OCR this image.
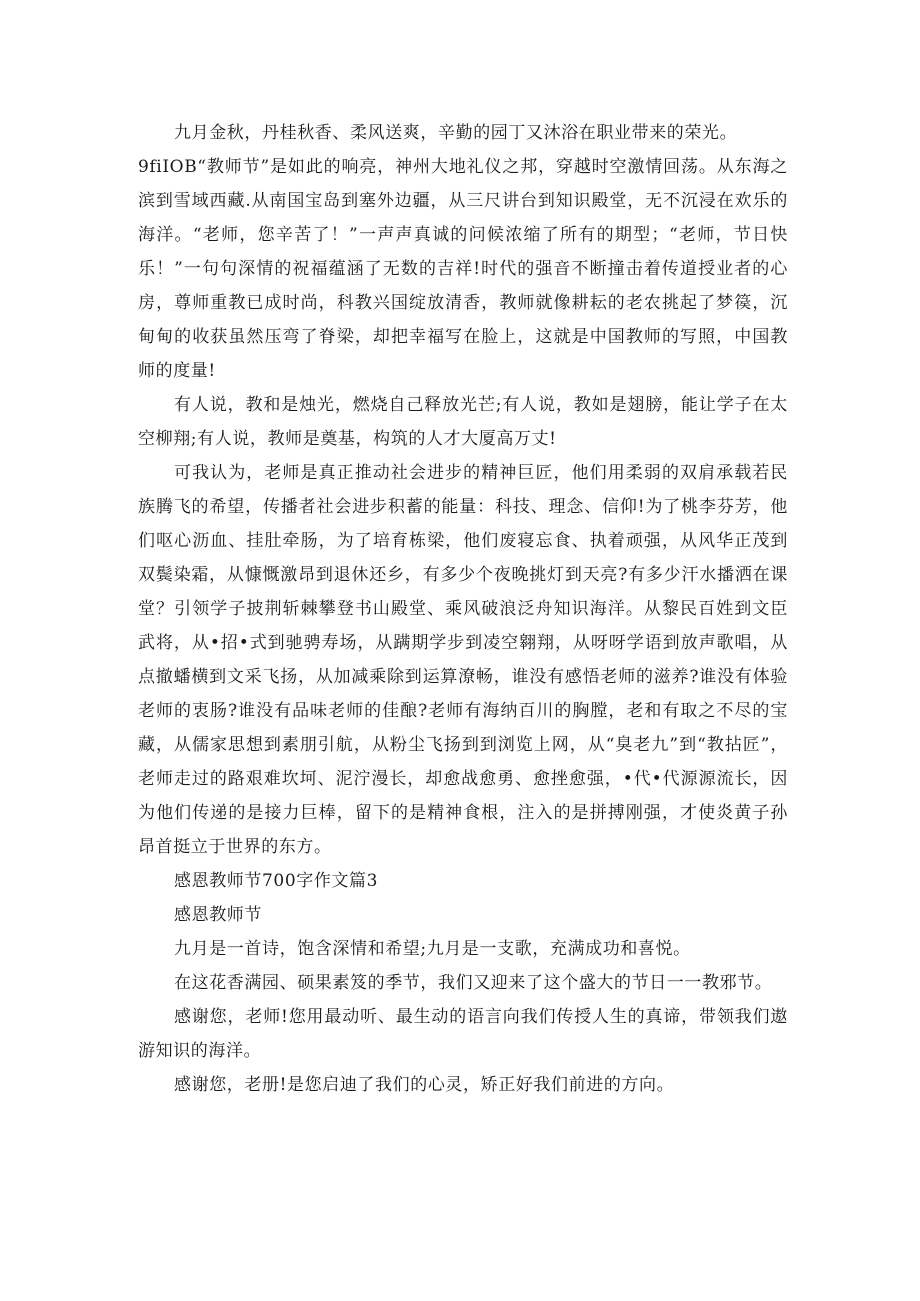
九月金秋，丹桂秋香、柔风送爽，辛勤的园丁又沐浴在职业带来的荣光。

9fiIOB“教师节”是如此的响亮，神州大地礼仪之邦，穿越时空激情回荡。从东海之滨到雪域西藏.从南国宝岛到塞外边疆，从三尺讲台到知识殿堂，无不沉浸在欢乐的海洋。“老师，您辛苦了！”一声声真诚的问候浓缩了所有的期型；“老师，节日快乐！”一句句深情的祝福蕴涵了无数的吉祥!时代的强音不断撞击着传道授业者的心房，尊师重教已成时尚，科教兴国绽放清香，教师就像耕耘的老农挑起了梦篌，沉甸甸的收获虽然压弯了脊梁，却把幸福写在脸上，这就是中国教师的写照，中国教师的度量!

有人说，教和是烛光，燃烧自己释放光芒;有人说，教如是翅膀，能让学子在太空柳翔;有人说，教师是奠基，构筑的人才大厦高万丈!

可我认为，老师是真正推动社会进步的精神巨匠，他们用柔弱的双肩承载若民族腾飞的希望，传播者社会进步积蓄的能量：科技、理念、信仰!为了桃李芬芳，他们呕心沥血、挂肚牵肠，为了培育栋梁，他们废寝忘食、执着顽强，从风华正茂到双鬓染霜，从慷慨激昂到退休还乡，有多少个夜晚挑灯到天亮?有多少汗水播洒在课堂？引领学子披荆斩棘攀登书山殿堂、乘风破浪泛舟知识海洋。从黎民百姓到文臣武将，从•招•式到驰骋寿场，从蹒期学步到凌空翱翔，从呀呀学语到放声歌唱，从点撤蟠横到文采飞扬，从加减乘除到运算潦畅，谁没有感悟老师的滋养?谁没有体验老师的衷肠?谁没有品味老师的佳酿?老师有海纳百川的胸膛，老和有取之不尽的宝藏，从儒家思想到素朋引航，从粉尘飞扬到到浏览上网，从“臭老九”到“教拈匠”，老师走过的路艰难坎坷、泥泞漫长，却愈战愈勇、愈挫愈强，•代•代源源流长，因为他们传递的是接力巨棒，留下的是精神食根，注入的是拼搏刚强，才使炎黄子孙昂首挺立于世界的东方。

感恩教师节700字作文篇3

感恩教师节

九月是一首诗，饱含深情和希望;九月是一支歌，充满成功和喜悦。

在这花香满园、硕果素笈的季节，我们又迎来了这个盛大的节日一一教邪节。

感谢您，老师!您用最动听、最生动的语言向我们传授人生的真谛，带领我们遨游知识的海洋。

感谢您，老册!是您启迪了我们的心灵，矫正好我们前进的方向。
